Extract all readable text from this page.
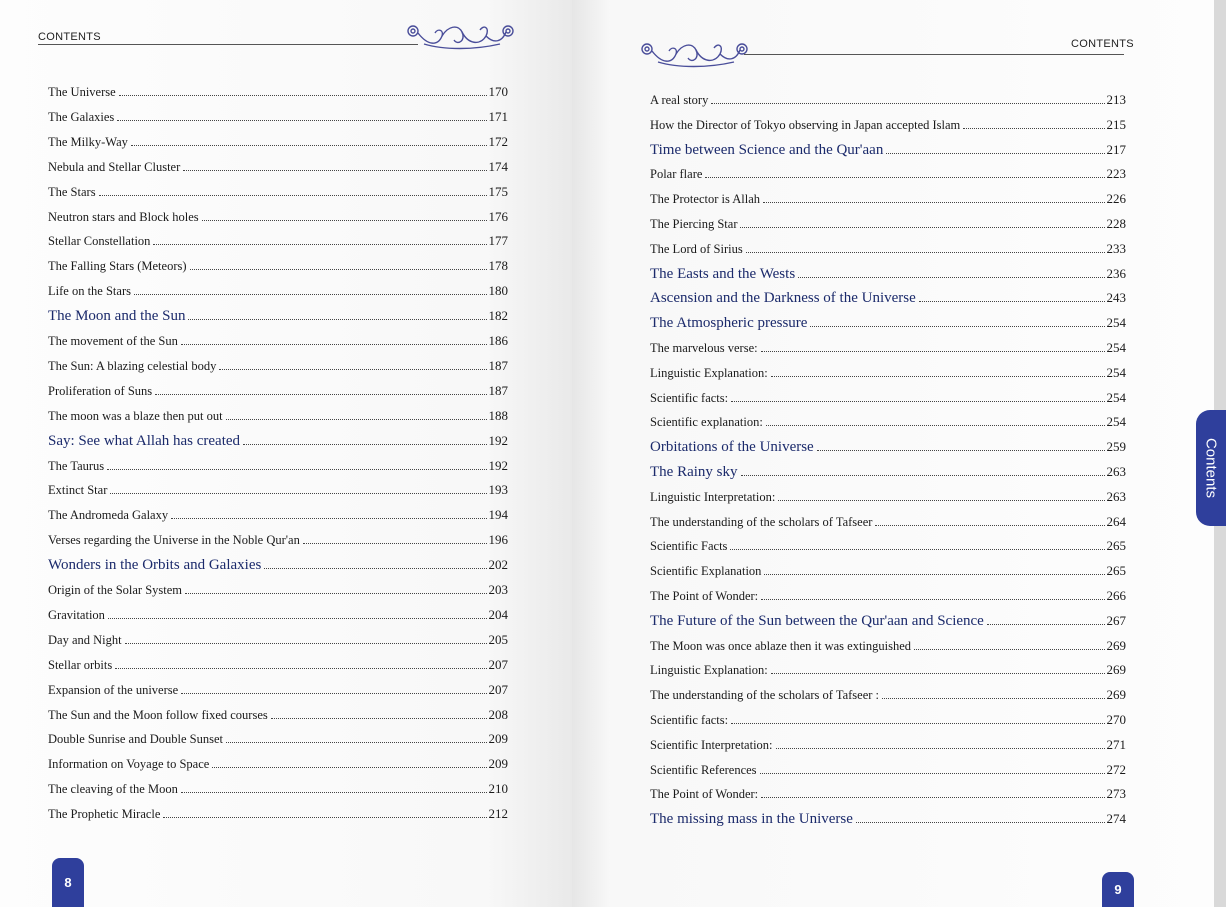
CONTENTS
The Universe	170
The Galaxies	171
The Milky-Way	172
Nebula and Stellar Cluster	174
The Stars	175
Neutron stars and Block holes	176
Stellar Constellation	177
The Falling Stars (Meteors)	178
Life on the Stars	180
The Moon and the Sun	182
The movement of the Sun	186
The Sun: A blazing celestial body	187
Proliferation of Suns	187
The moon was a blaze then put out	188
Say: See what Allah has created	192
The Taurus	192
Extinct Star	193
The Andromeda Galaxy	194
Verses regarding the Universe in the Noble Qur'an	196
Wonders in the Orbits and Galaxies	202
Origin of the Solar System	203
Gravitation	204
Day and Night	205
Stellar orbits	207
Expansion of the universe	207
The Sun and the Moon follow fixed courses	208
Double Sunrise and Double Sunset	209
Information on Voyage to Space	209
The cleaving of the Moon	210
The Prophetic Miracle	212
8
CONTENTS
A real story	213
How the Director of Tokyo observing in Japan accepted Islam	215
Time between Science and the Qur'aan	217
Polar flare	223
The Protector is Allah	226
The Piercing Star	228
The Lord of Sirius	233
The Easts and the Wests	236
Ascension and the Darkness of the Universe	243
The Atmospheric pressure	254
The marvelous verse:	254
Linguistic Explanation:	254
Scientific facts:	254
Scientific explanation:	254
Orbitations of the Universe	259
The Rainy sky	263
Linguistic Interpretation:	263
The understanding of the scholars of Tafseer	264
Scientific Facts	265
Scientific Explanation	265
The Point of Wonder:	266
The Future of the Sun between the Qur'aan and Science	267
The Moon was once ablaze then it was extinguished	269
Linguistic Explanation:	269
The understanding of the scholars of Tafseer :	269
Scientific facts:	270
Scientific Interpretation:	271
Scientific References	272
The Point of Wonder:	273
The missing mass in the Universe	274
9
Contents
